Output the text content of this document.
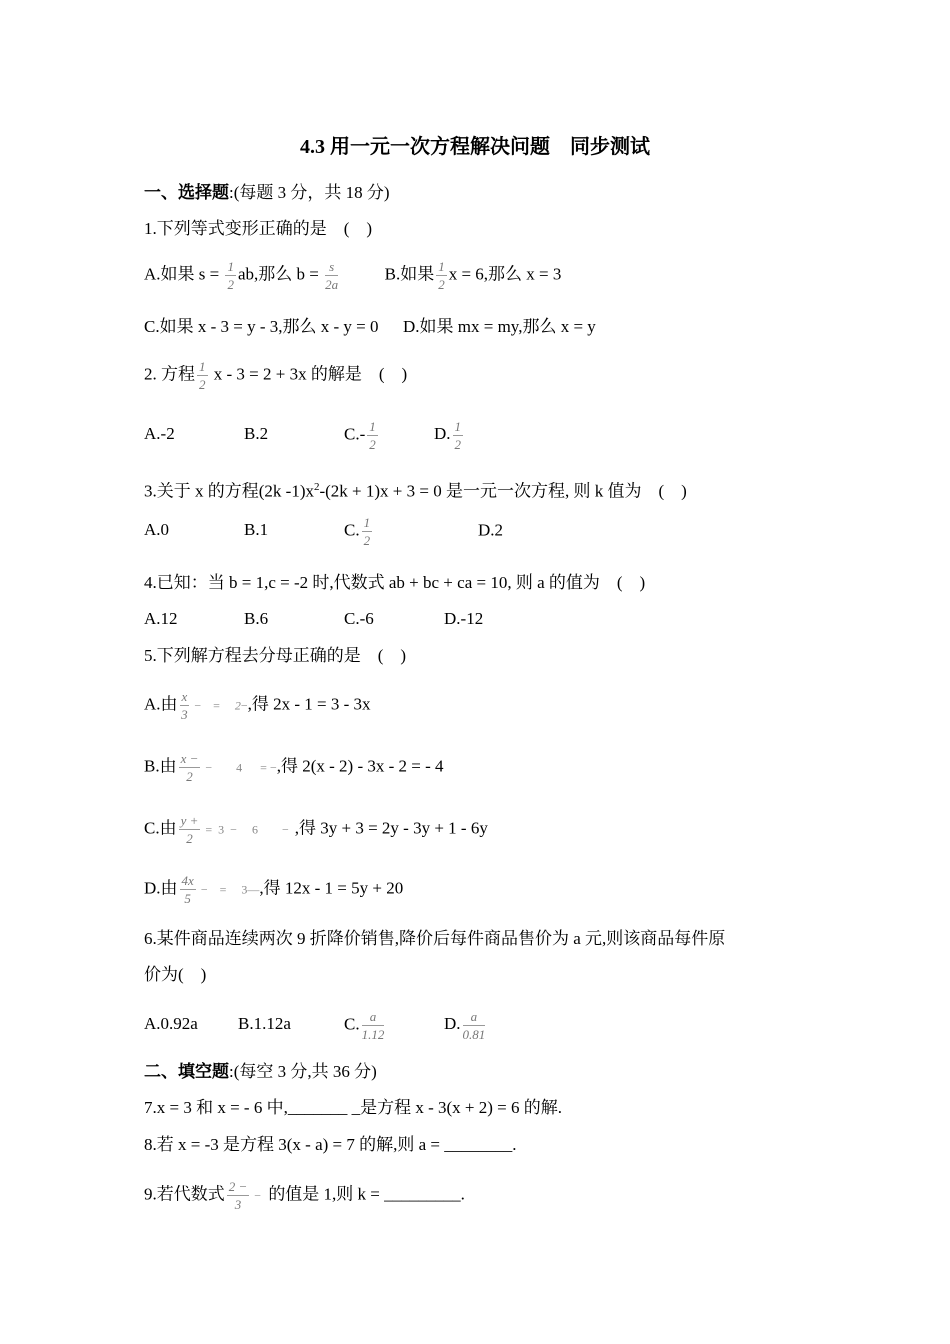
4.3 用一元一次方程解决问题　同步测试
一、选择题:(每题 3 分，共 18 分)
1.下列等式变形正确的是　(　)
A.如果 $s = \frac{1}{2}$ ab,那么 $b = \frac{s}{2a}$	B.如果 $\frac{1}{2}$ x = 6,那么 x = 3
C.如果 x - 3 = y - 3,那么 x - y = 0 D.如果 mx = my,那么 x = y
2. 方程 $\frac{1}{2}$ x - 3 = 2 + 3x 的解是　(　)
A.-2	B.2	$C.- \frac{1}{2}$	D. $\frac{1}{2}$
3.关于 x 的方程(2k $-1)x^2-(2k + 1)x + 3 = 0$ 是一元一次方程, 则 k 值为　(　)
A.0	B.1	C. $\frac{1}{2}$	D.2
4.已知：当 b = 1,c = -2 时,代数式 ab + bc + ca = 10, 则 a 的值为　(　)
A.12	B.6	C.-6	D.-12
5.下列解方程去分母正确的是　(　)
A.由 $\frac{x}{3}$ −    =     2−,得 2x - 1 = 3 - 3x
B.由 $\frac{x -}{2}$ −        4      = −,得 2(x - 2) - 3x - 2 = - 4
C.由 $\frac{y +}{2} = 3$  −     6        −  ,得 3y + 3 = 2y - 3y + 1 - 6y
D.由 $\frac{4x}{5}$ −    =     3—,得 12x - 1 = 5y + 20
6.某件商品连续两次 9 折降价销售,降价后每件商品售价为 a 元,则该商品每件原
价为(　)
A.0.92a B.1.12a	C. $\frac{a}{1.12}$	D. $\frac{a}{0.81}$
二、填空题:(每空 3 分,共 36 分)
7.x = 3 和 x = - 6 中,_______ _是方程 x - 3(x + 2) = 6 的解.
8.若 x = -3 是方程 3(x - a) = 7 的解,则 a = ________.
9.若代数式 $\frac{2 -}{3}$ −  的值是 1,则 k = _________.
